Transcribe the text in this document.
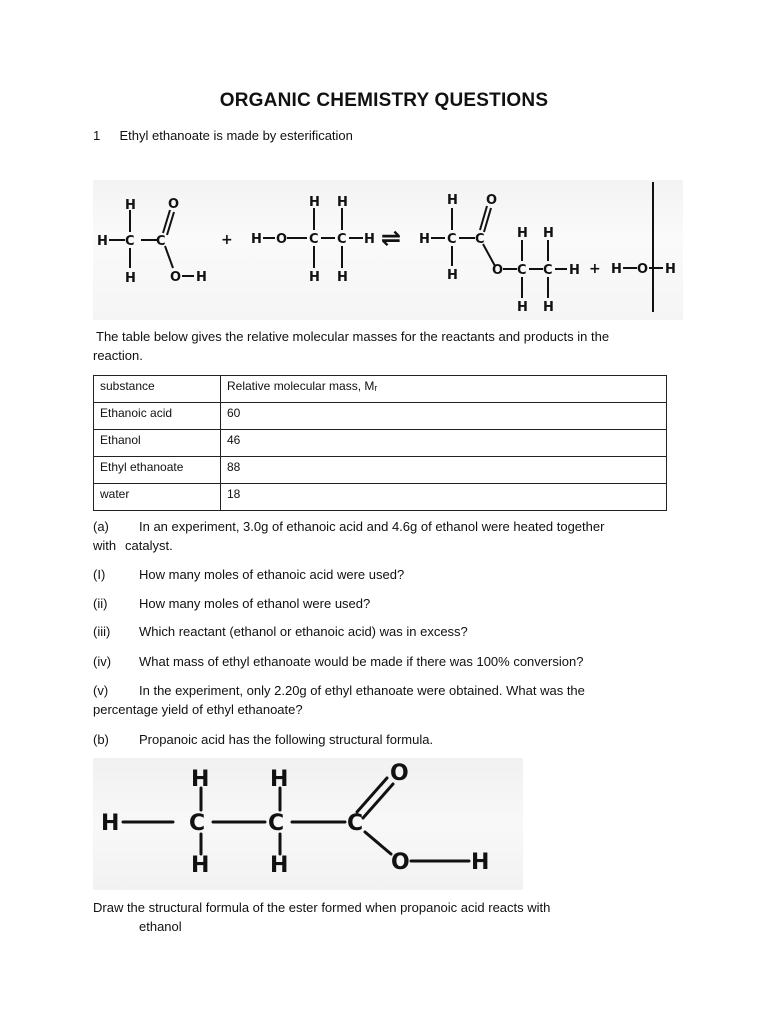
ORGANIC CHEMISTRY QUESTIONS
1 Ethyl ethanoate is made by esterification
H
H C
H
C
O
O H
+ H O
H
C
H
H
C
H
H ⇌ H
H
C
H
C
O
O
H
C
H
H
C
H
H + H O H
The table below gives the relative molecular masses for the reactants and products in the
reaction.
substance	Relative molecular mass, Mᵣ
Ethanoic acid	60
Ethanol	46
Ethyl ethanoate	88
water	18
(a) In an experiment, 3.0g of ethanoic acid and 4.6g of ethanol were heated together
with catalyst.
(I)	How many moles of ethanoic acid were used?
(ii) How many moles of ethanol were used?
(iii) Which reactant (ethanol or ethanoic acid) was in excess?
(iv) What mass of ethyl ethanoate would be made if there was 100% conversion?
(v) In the experiment, only 2.20g of ethyl ethanoate were obtained. What was the
percentage yield of ethyl ethanoate?
(b) Propanoic acid has the following structural formula.
H
H	C
H
H
C
H
C
O
O	H
Draw the structural formula of the ester formed when propanoic acid reacts with
ethanol
